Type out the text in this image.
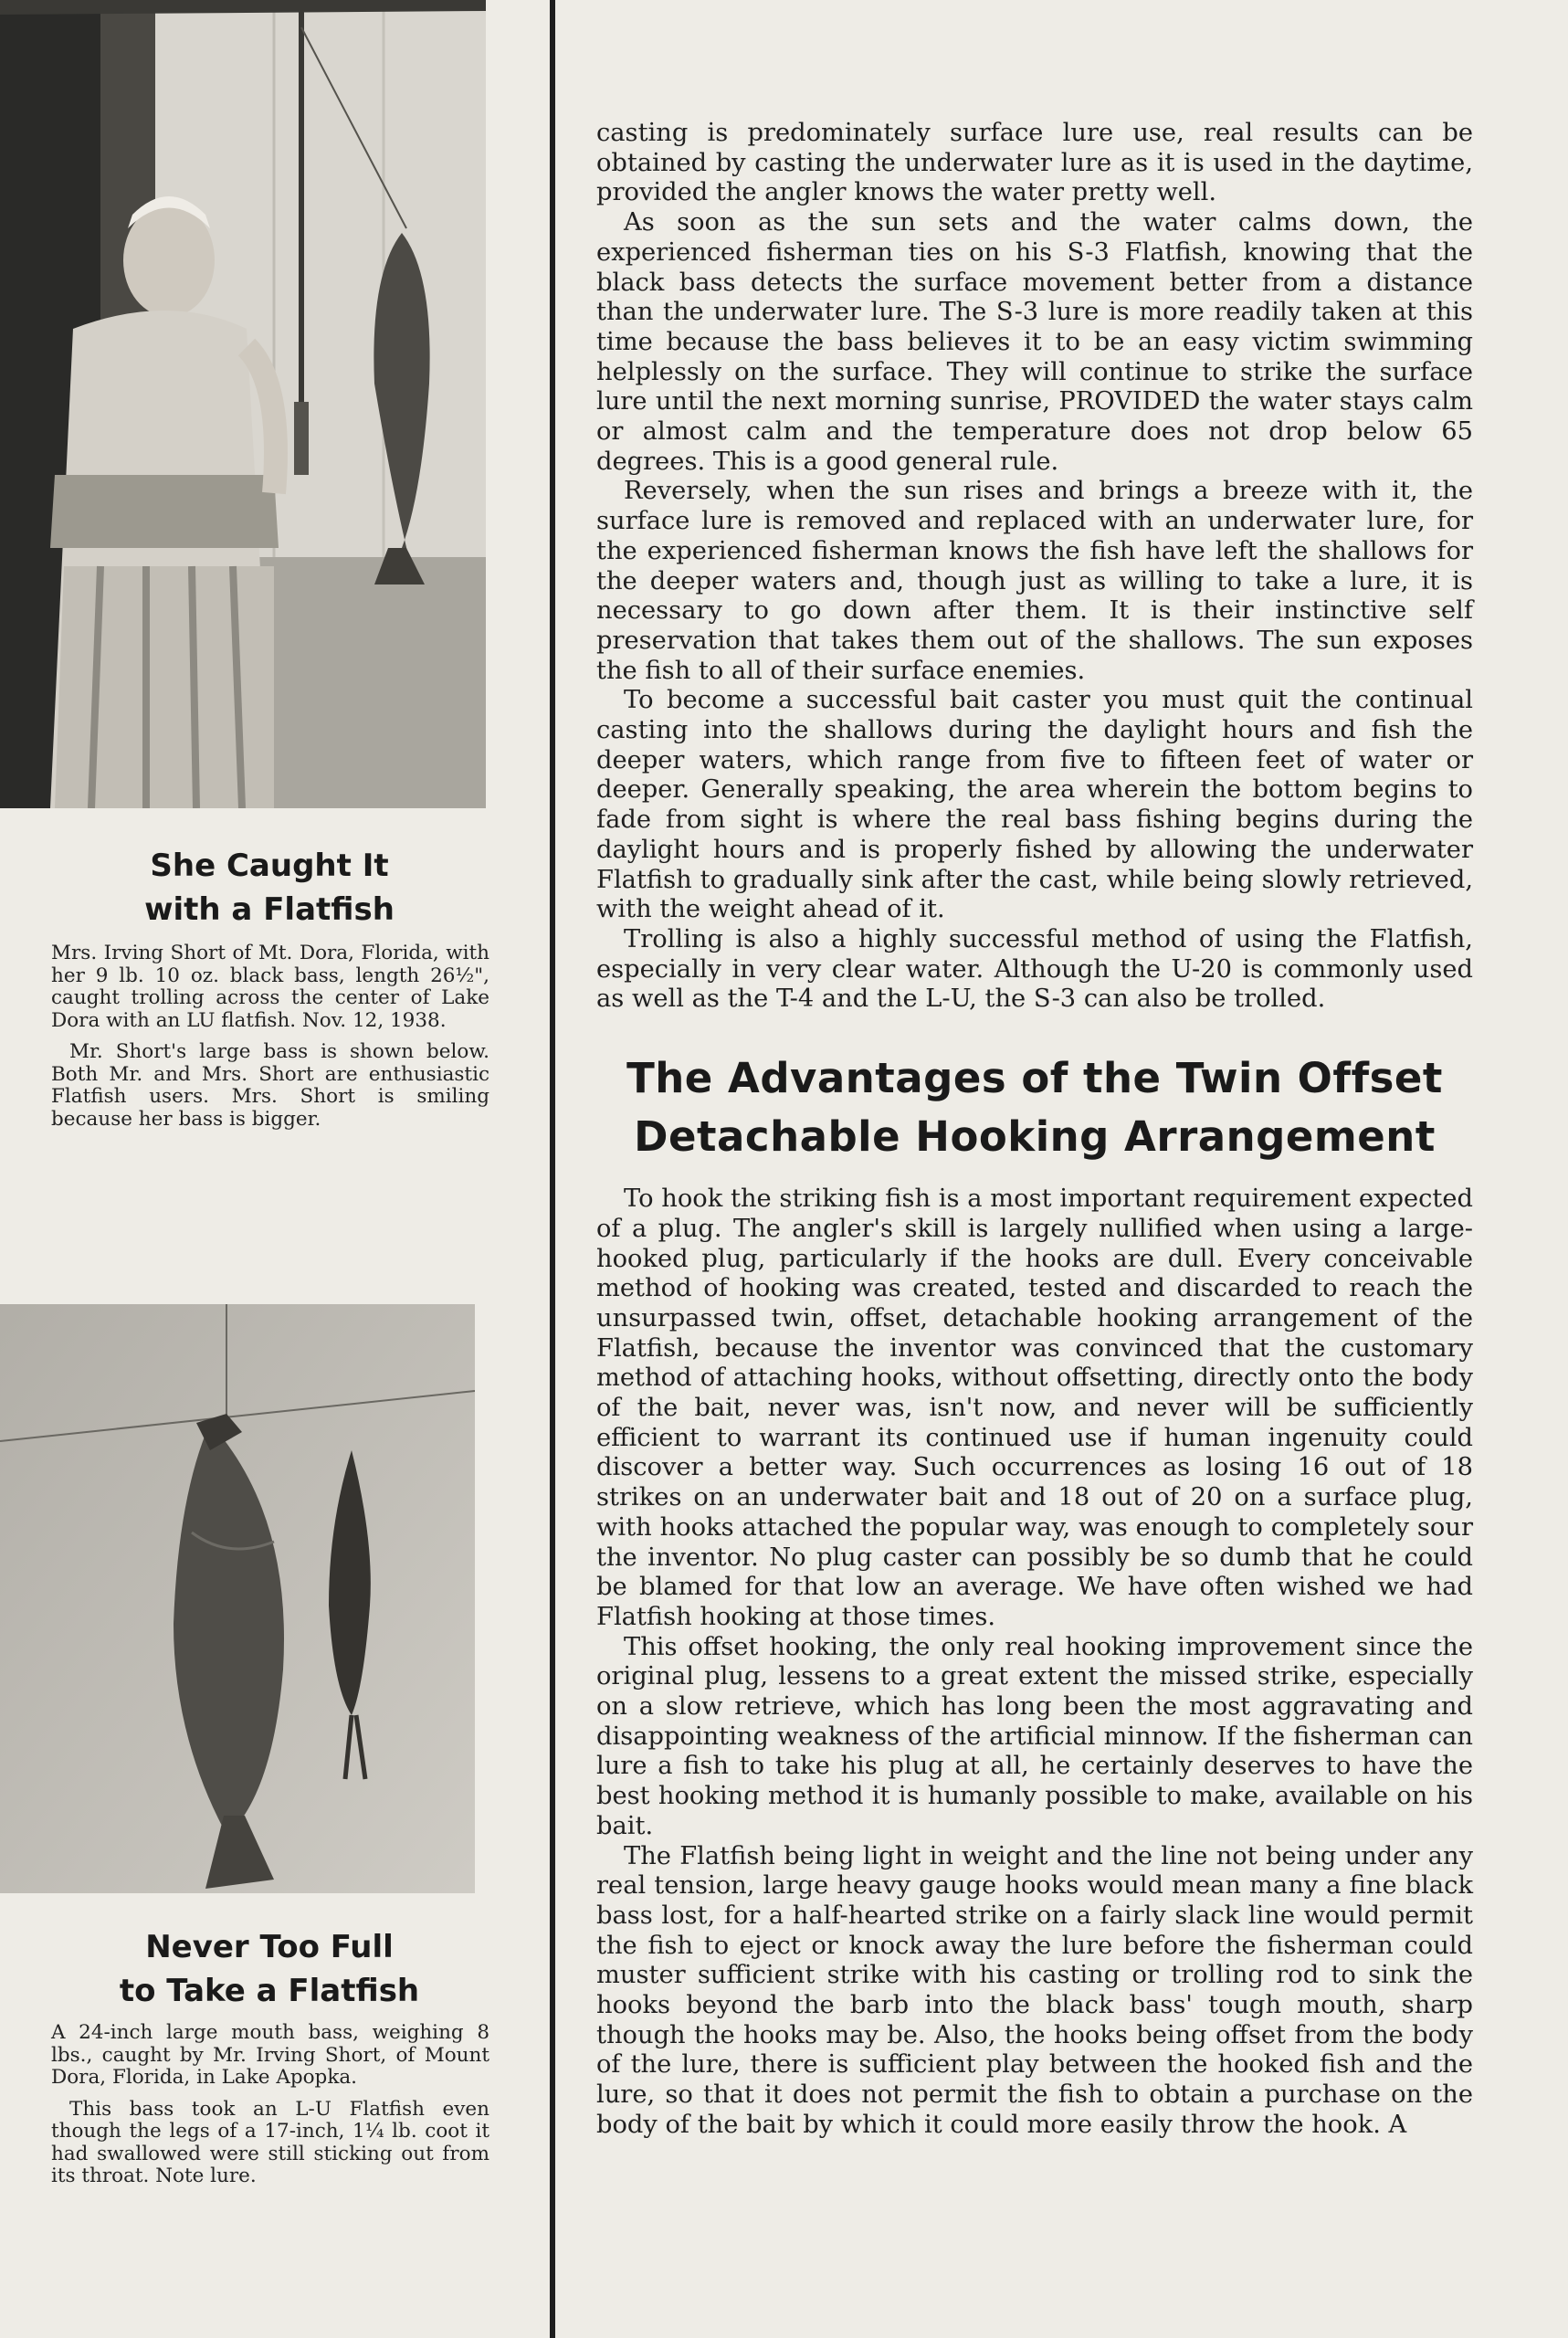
She Caught It
with a Flatfish

Mrs. Irving Short of Mt. Dora, Florida, with her 9 lb. 10 oz. black bass, length 26½", caught trolling across the center of Lake Dora with an LU flatfish. Nov. 12, 1938.

Mr. Short's large bass is shown below. Both Mr. and Mrs. Short are enthusiastic Flatfish users. Mrs. Short is smiling because her bass is bigger.

Never Too Full
to Take a Flatfish

A 24-inch large mouth bass, weighing 8 lbs., caught by Mr. Irving Short, of Mount Dora, Florida, in Lake Apopka.

This bass took an L-U Flatfish even though the legs of a 17-inch, 1¼ lb. coot it had swallowed were still sticking out from its throat. Note lure.

casting is predominately surface lure use, real results can be obtained by casting the underwater lure as it is used in the daytime, provided the angler knows the water pretty well.

As soon as the sun sets and the water calms down, the experienced fisherman ties on his S-3 Flatfish, knowing that the black bass detects the surface movement better from a distance than the underwater lure. The S-3 lure is more readily taken at this time because the bass believes it to be an easy victim swimming helplessly on the surface. They will continue to strike the surface lure until the next morning sunrise, PROVIDED the water stays calm or almost calm and the temperature does not drop below 65 degrees. This is a good general rule.

Reversely, when the sun rises and brings a breeze with it, the surface lure is removed and replaced with an underwater lure, for the experienced fisherman knows the fish have left the shallows for the deeper waters and, though just as willing to take a lure, it is necessary to go down after them. It is their instinctive self preservation that takes them out of the shallows. The sun exposes the fish to all of their surface enemies.

To become a successful bait caster you must quit the continual casting into the shallows during the daylight hours and fish the deeper waters, which range from five to fifteen feet of water or deeper. Generally speaking, the area wherein the bottom begins to fade from sight is where the real bass fishing begins during the daylight hours and is properly fished by allowing the underwater Flatfish to gradually sink after the cast, while being slowly retrieved, with the weight ahead of it.

Trolling is also a highly successful method of using the Flatfish, especially in very clear water. Although the U-20 is commonly used as well as the T-4 and the L-U, the S-3 can also be trolled.

The Advantages of the Twin Offset
Detachable Hooking Arrangement

To hook the striking fish is a most important requirement expected of a plug. The angler's skill is largely nullified when using a large-hooked plug, particularly if the hooks are dull. Every conceivable method of hooking was created, tested and discarded to reach the unsurpassed twin, offset, detachable hooking arrangement of the Flatfish, because the inventor was convinced that the customary method of attaching hooks, without offsetting, directly onto the body of the bait, never was, isn't now, and never will be sufficiently efficient to warrant its continued use if human ingenuity could discover a better way. Such occurrences as losing 16 out of 18 strikes on an underwater bait and 18 out of 20 on a surface plug, with hooks attached the popular way, was enough to completely sour the inventor. No plug caster can possibly be so dumb that he could be blamed for that low an average. We have often wished we had Flatfish hooking at those times.

This offset hooking, the only real hooking improvement since the original plug, lessens to a great extent the missed strike, especially on a slow retrieve, which has long been the most aggravating and disappointing weakness of the artificial minnow. If the fisherman can lure a fish to take his plug at all, he certainly deserves to have the best hooking method it is humanly possible to make, available on his bait.

The Flatfish being light in weight and the line not being under any real tension, large heavy gauge hooks would mean many a fine black bass lost, for a half-hearted strike on a fairly slack line would permit the fish to eject or knock away the lure before the fisherman could muster sufficient strike with his casting or trolling rod to sink the hooks beyond the barb into the black bass' tough mouth, sharp though the hooks may be. Also, the hooks being offset from the body of the lure, there is sufficient play between the hooked fish and the lure, so that it does not permit the fish to obtain a purchase on the body of the bait by which it could more easily throw the hook. A
